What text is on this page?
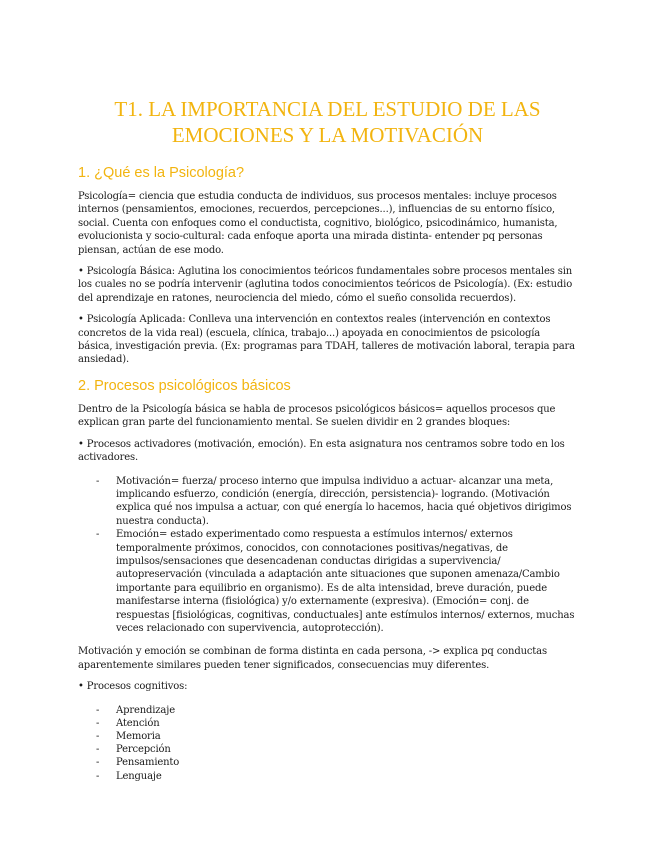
T1. LA IMPORTANCIA DEL ESTUDIO DE LAS EMOCIONES Y LA MOTIVACIÓN
1. ¿Qué es la Psicología?

Psicología= ciencia que estudia conducta de individuos, sus procesos mentales: incluye procesos internos (pensamientos, emociones, recuerdos, percepciones...), influencias de su entorno físico, social. Cuenta con enfoques como el conductista, cognitivo, biológico, psicodinámico, humanista, evolucionista y socio-cultural: cada enfoque aporta una mirada distinta- entender pq personas piensan, actúan de ese modo.

• Psicología Básica: Aglutina los conocimientos teóricos fundamentales sobre procesos mentales sin los cuales no se podría intervenir (aglutina todos conocimientos teóricos de Psicología). (Ex: estudio del aprendizaje en ratones, neurociencia del miedo, cómo el sueño consolida recuerdos).

• Psicología Aplicada: Conlleva una intervención en contextos reales (intervención en contextos concretos de la vida real) (escuela, clínica, trabajo...) apoyada en conocimientos de psicología básica, investigación previa. (Ex: programas para TDAH, talleres de motivación laboral, terapia para ansiedad).

2. Procesos psicológicos básicos

Dentro de la Psicología básica se habla de procesos psicológicos básicos= aquellos procesos que explican gran parte del funcionamiento mental. Se suelen dividir en 2 grandes bloques:

• Procesos activadores (motivación, emoción). En esta asignatura nos centramos sobre todo en los activadores.

- Motivación= fuerza/ proceso interno que impulsa individuo a actuar- alcanzar una meta, implicando esfuerzo, condición (energía, dirección, persistencia)- logrando. (Motivación explica qué nos impulsa a actuar, con qué energía lo hacemos, hacia qué objetivos dirigimos nuestra conducta).
- Emoción= estado experimentado como respuesta a estímulos internos/ externos temporalmente próximos, conocidos, con connotaciones positivas/negativas, de impulsos/sensaciones que desencadenan conductas dirigidas a supervivencia/ autopreservación (vinculada a adaptación ante situaciones que suponen amenaza/Cambio importante para equilibrio en organismo). Es de alta intensidad, breve duración, puede manifestarse interna (fisiológica) y/o externamente (expresiva). (Emoción= conj. de respuestas [fisiológicas, cognitivas, conductuales] ante estímulos internos/ externos, muchas veces relacionado con supervivencia, autoprotección).

Motivación y emoción se combinan de forma distinta en cada persona, -> explica pq conductas aparentemente similares pueden tener significados, consecuencias muy diferentes.

• Procesos cognitivos:

- Aprendizaje
- Atención
- Memoria
- Percepción
- Pensamiento
- Lenguaje
